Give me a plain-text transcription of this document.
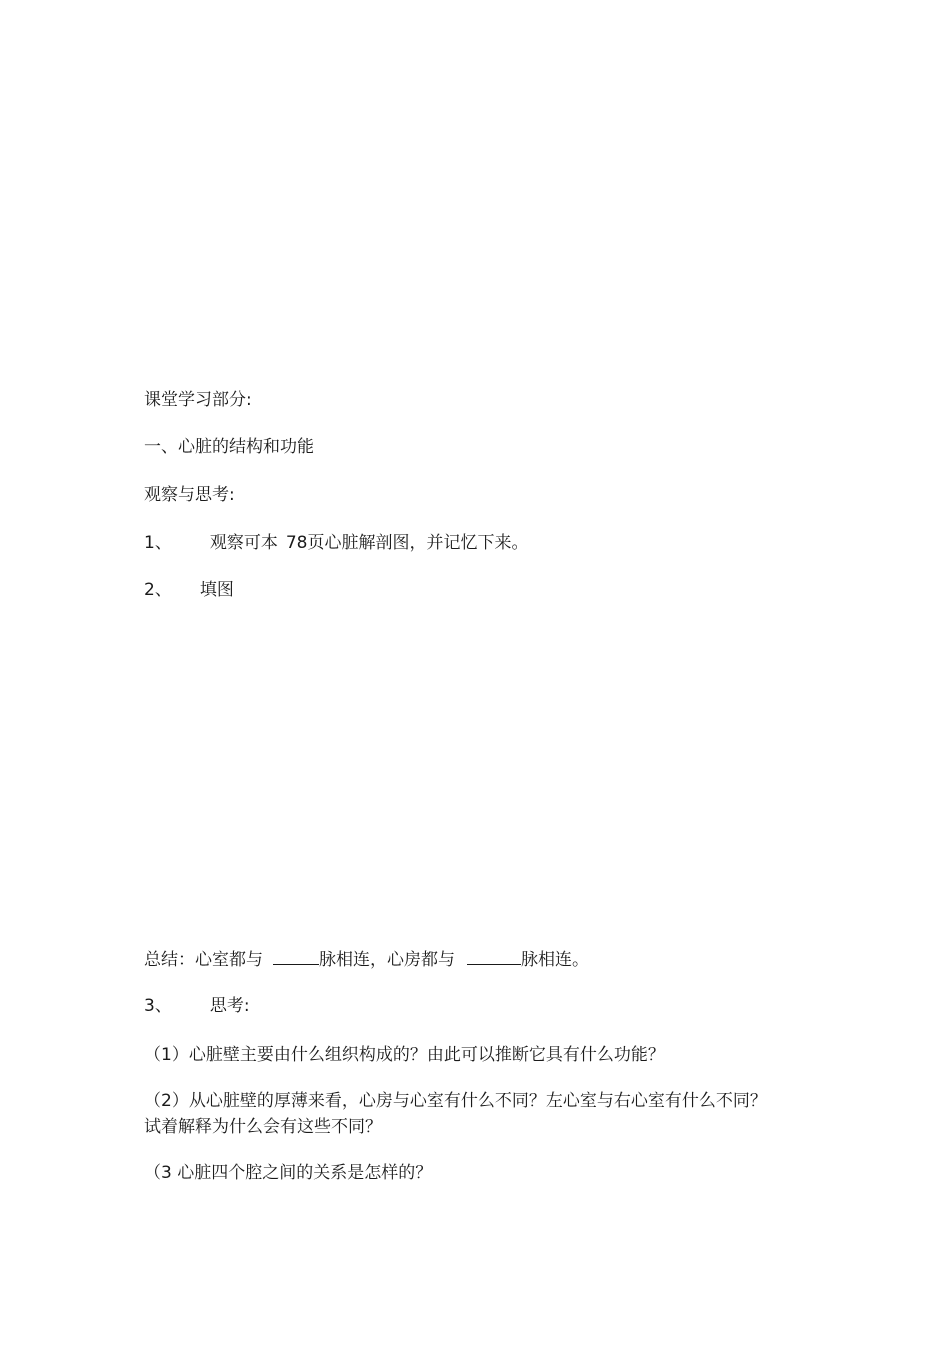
课堂学习部分:
一、心脏的结构和功能
观察与思考:
1、 观察可本 78页心脏解剖图，并记忆下来。
2、 填图
总结：心室都与	脉相连，心房都与	脉相连。
3、 思考:
（1）心脏壁主要由什么组织构成的？由此可以推断它具有什么功能？
（2）从心脏壁的厚薄来看，心房与心室有什么不同？左心室与右心室有什么不同？试着解释为什么会有这些不同？
（3 心脏四个腔之间的关系是怎样的？
